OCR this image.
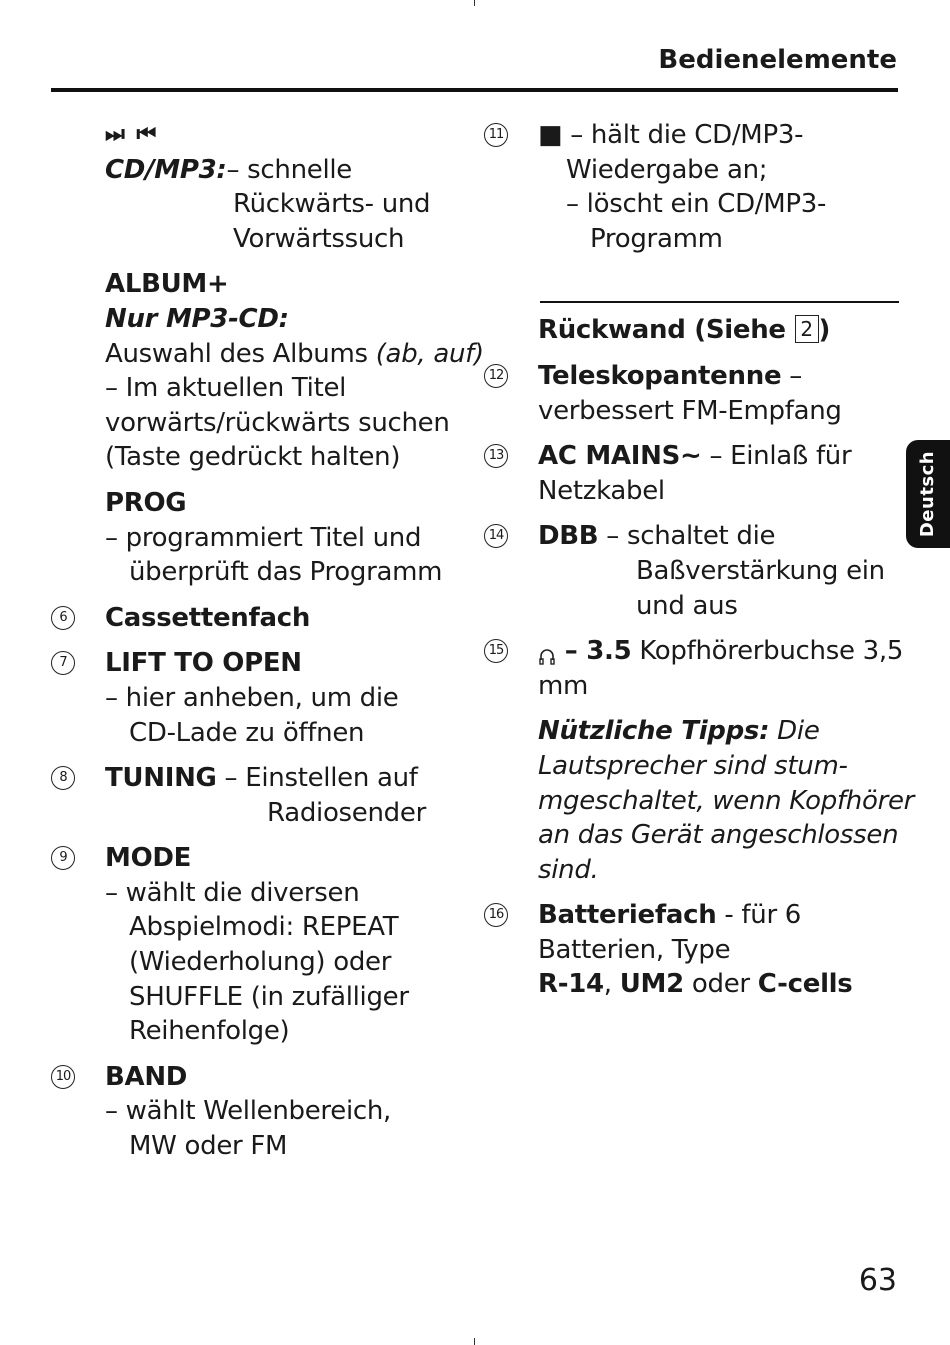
Bedienelemente
⏭ ⏮
CD/MP3:– schnelle
Rückwärts- und
Vorwärtssuch
ALBUM+
Nur MP3-CD:
Auswahl des Albums (ab, auf)
– Im aktuellen Titel
vorwärts/rückwärts suchen
(Taste gedrückt halten)
PROG
– programmiert Titel und
überprüft das Programm
6	Cassettenfach
7	LIFT TO OPEN
– hier anheben, um die
CD-Lade zu öffnen
8	TUNING – Einstellen auf
Radiosender
9	MODE
– wählt die diversen
Abspielmodi: REPEAT
(Wiederholung) oder
SHUFFLE (in zufälliger
Reihenfolge)
10 BAND
– wählt Wellenbereich,
MW oder FM
11 ■ – hält die CD/MP3-
Wiedergabe an;
– löscht ein CD/MP3-
Programm
Rückwand (Siehe 2 )
12 Teleskopantenne –
verbessert FM-Empfang
13 AC MAINS~ – Einlaß für
Netzkabel
14 DBB – schaltet die
Baßverstärkung ein
und aus
15	– 3.5 Kopfhörerbuchse 3,5
mm
Nützliche Tipps: Die
Lautsprecher sind stum-
mgeschaltet, wenn Kopfhörer
an das Gerät angeschlossen
sind.
16 Batteriefach - für 6
Batterien, Type
R-14, UM2 oder C-cells
Deutsch
63
